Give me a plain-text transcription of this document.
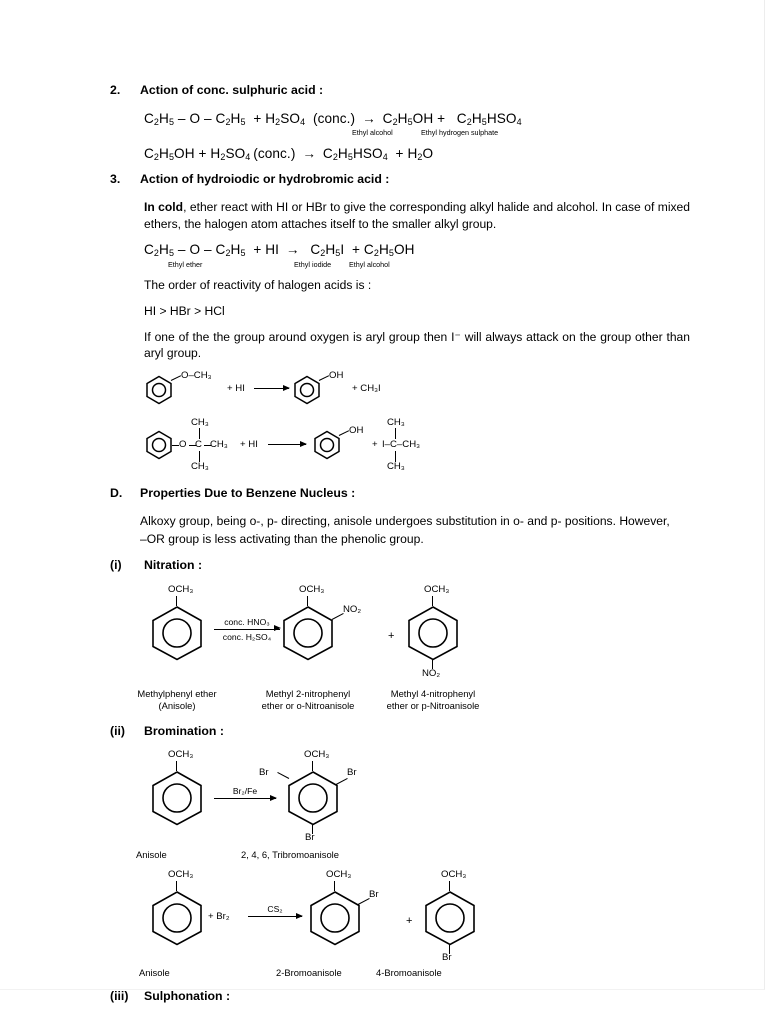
2.	Action of conc. sulphuric acid :
$C_2H_5 - O - C_2H_5 + H_2SO_4$  (conc.) → $C_2H_5OH + C_2H_5HSO_4$
Ethyl alcohol	Ethyl hydrogen sulphate
$C_2H_5OH + H_2SO_4$ (conc.) → $C_2H_5HSO_4 + H_2O$
3.	Action of hydroiodic or hydrobromic acid :
In cold, ether react with HI or HBr to give the corresponding alkyl halide and alcohol. In case of mixed ethers, the halogen atom attaches itself to the smaller alkyl group.
$C_2H_5$ – O – $C_2H_5$  + HI →  $C_2H_5I + C_2H_5OH$
Ethyl ether	Ethyl iodide Ethyl alcohol
The order of reactivity of halogen acids is :
HI > HBr > HCl
If one of the the group around oxygen is aryl group then I⁻ will always attack on the group other than aryl group.
O–CH₃
+ HI →
OH
+ CH₃I
O C
CH₃
CH₃
CH₃
+ HI →
OH
+ I–C–CH₃
CH₃
CH₃
D.	Properties Due to Benzene Nucleus :
Alkoxy group, being o-, p- directing, anisole undergoes substitution in o- and p- positions. However,
–OR group is less activating than the phenolic group.
(i)	Nitration :
OCH₃
conc. HNO₃
conc. H₂SO₄
OCH₃
NO₂
+
OCH₃
NO₂
Methylphenyl ether
(Anisole)
Methyl 2-nitrophenyl
ether or o-Nitroanisole
Methyl 4-nitrophenyl
ether or p-Nitroanisole
(ii)	Bromination :
OCH₃
Br₂/Fe
OCH₃
Br	Br
Br
Anisole	2, 4, 6, Tribromoanisole
OCH₃
+ Br₂
CS₂
OCH₃
Br
+
OCH₃
Br
Anisole	2-Bromoanisole	4-Bromoanisole
(iii)	Sulphonation :
